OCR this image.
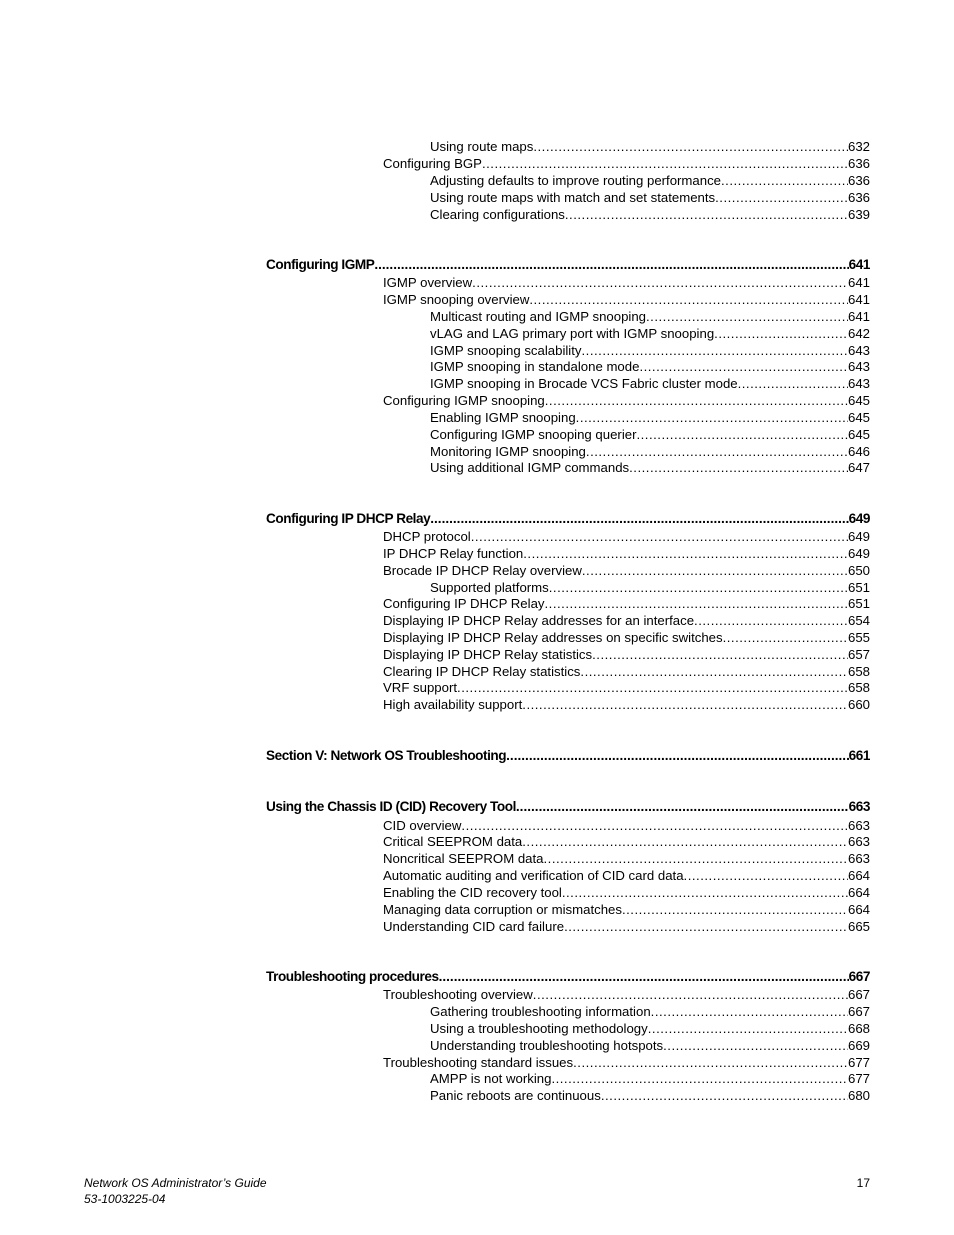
Using route maps .....	632
Configuring BGP .....	636
Adjusting defaults to improve routing performance .....	636
Using route maps with match and set statements .....	636
Clearing configurations .....	639
Configuring IGMP .....	641
IGMP overview .....	641
IGMP snooping overview .....	641
Multicast routing and IGMP snooping .....	641
vLAG and LAG primary port with IGMP snooping .....	642
IGMP snooping scalability .....	643
IGMP snooping in standalone mode .....	643
IGMP snooping in Brocade VCS Fabric cluster mode .....	643
Configuring IGMP snooping .....	645
Enabling IGMP snooping .....	645
Configuring IGMP snooping querier .....	645
Monitoring IGMP snooping .....	646
Using additional IGMP commands .....	647
Configuring IP DHCP Relay .....	649
DHCP protocol .....	649
IP DHCP Relay function .....	649
Brocade IP DHCP Relay overview .....	650
Supported platforms .....	651
Configuring IP DHCP Relay .....	651
Displaying IP DHCP Relay addresses for an interface .....	654
Displaying IP DHCP Relay addresses on specific switches .....	655
Displaying IP DHCP Relay statistics .....	657
Clearing IP DHCP Relay statistics .....	658
VRF support .....	658
High availability support .....	660
Section V: Network OS Troubleshooting .....	661
Using the Chassis ID (CID) Recovery Tool .....	663
CID overview .....	663
Critical SEEPROM data .....	663
Noncritical SEEPROM data .....	663
Automatic auditing and verification of CID card data .....	664
Enabling the CID recovery tool .....	664
Managing data corruption or mismatches .....	664
Understanding CID card failure .....	665
Troubleshooting procedures .....	667
Troubleshooting overview .....	667
Gathering troubleshooting information .....	667
Using a troubleshooting methodology .....	668
Understanding troubleshooting hotspots .....	669
Troubleshooting standard issues .....	677
AMPP is not working .....	677
Panic reboots are continuous .....	680
Network OS Administrator’s Guide
53-1003225-04
17
